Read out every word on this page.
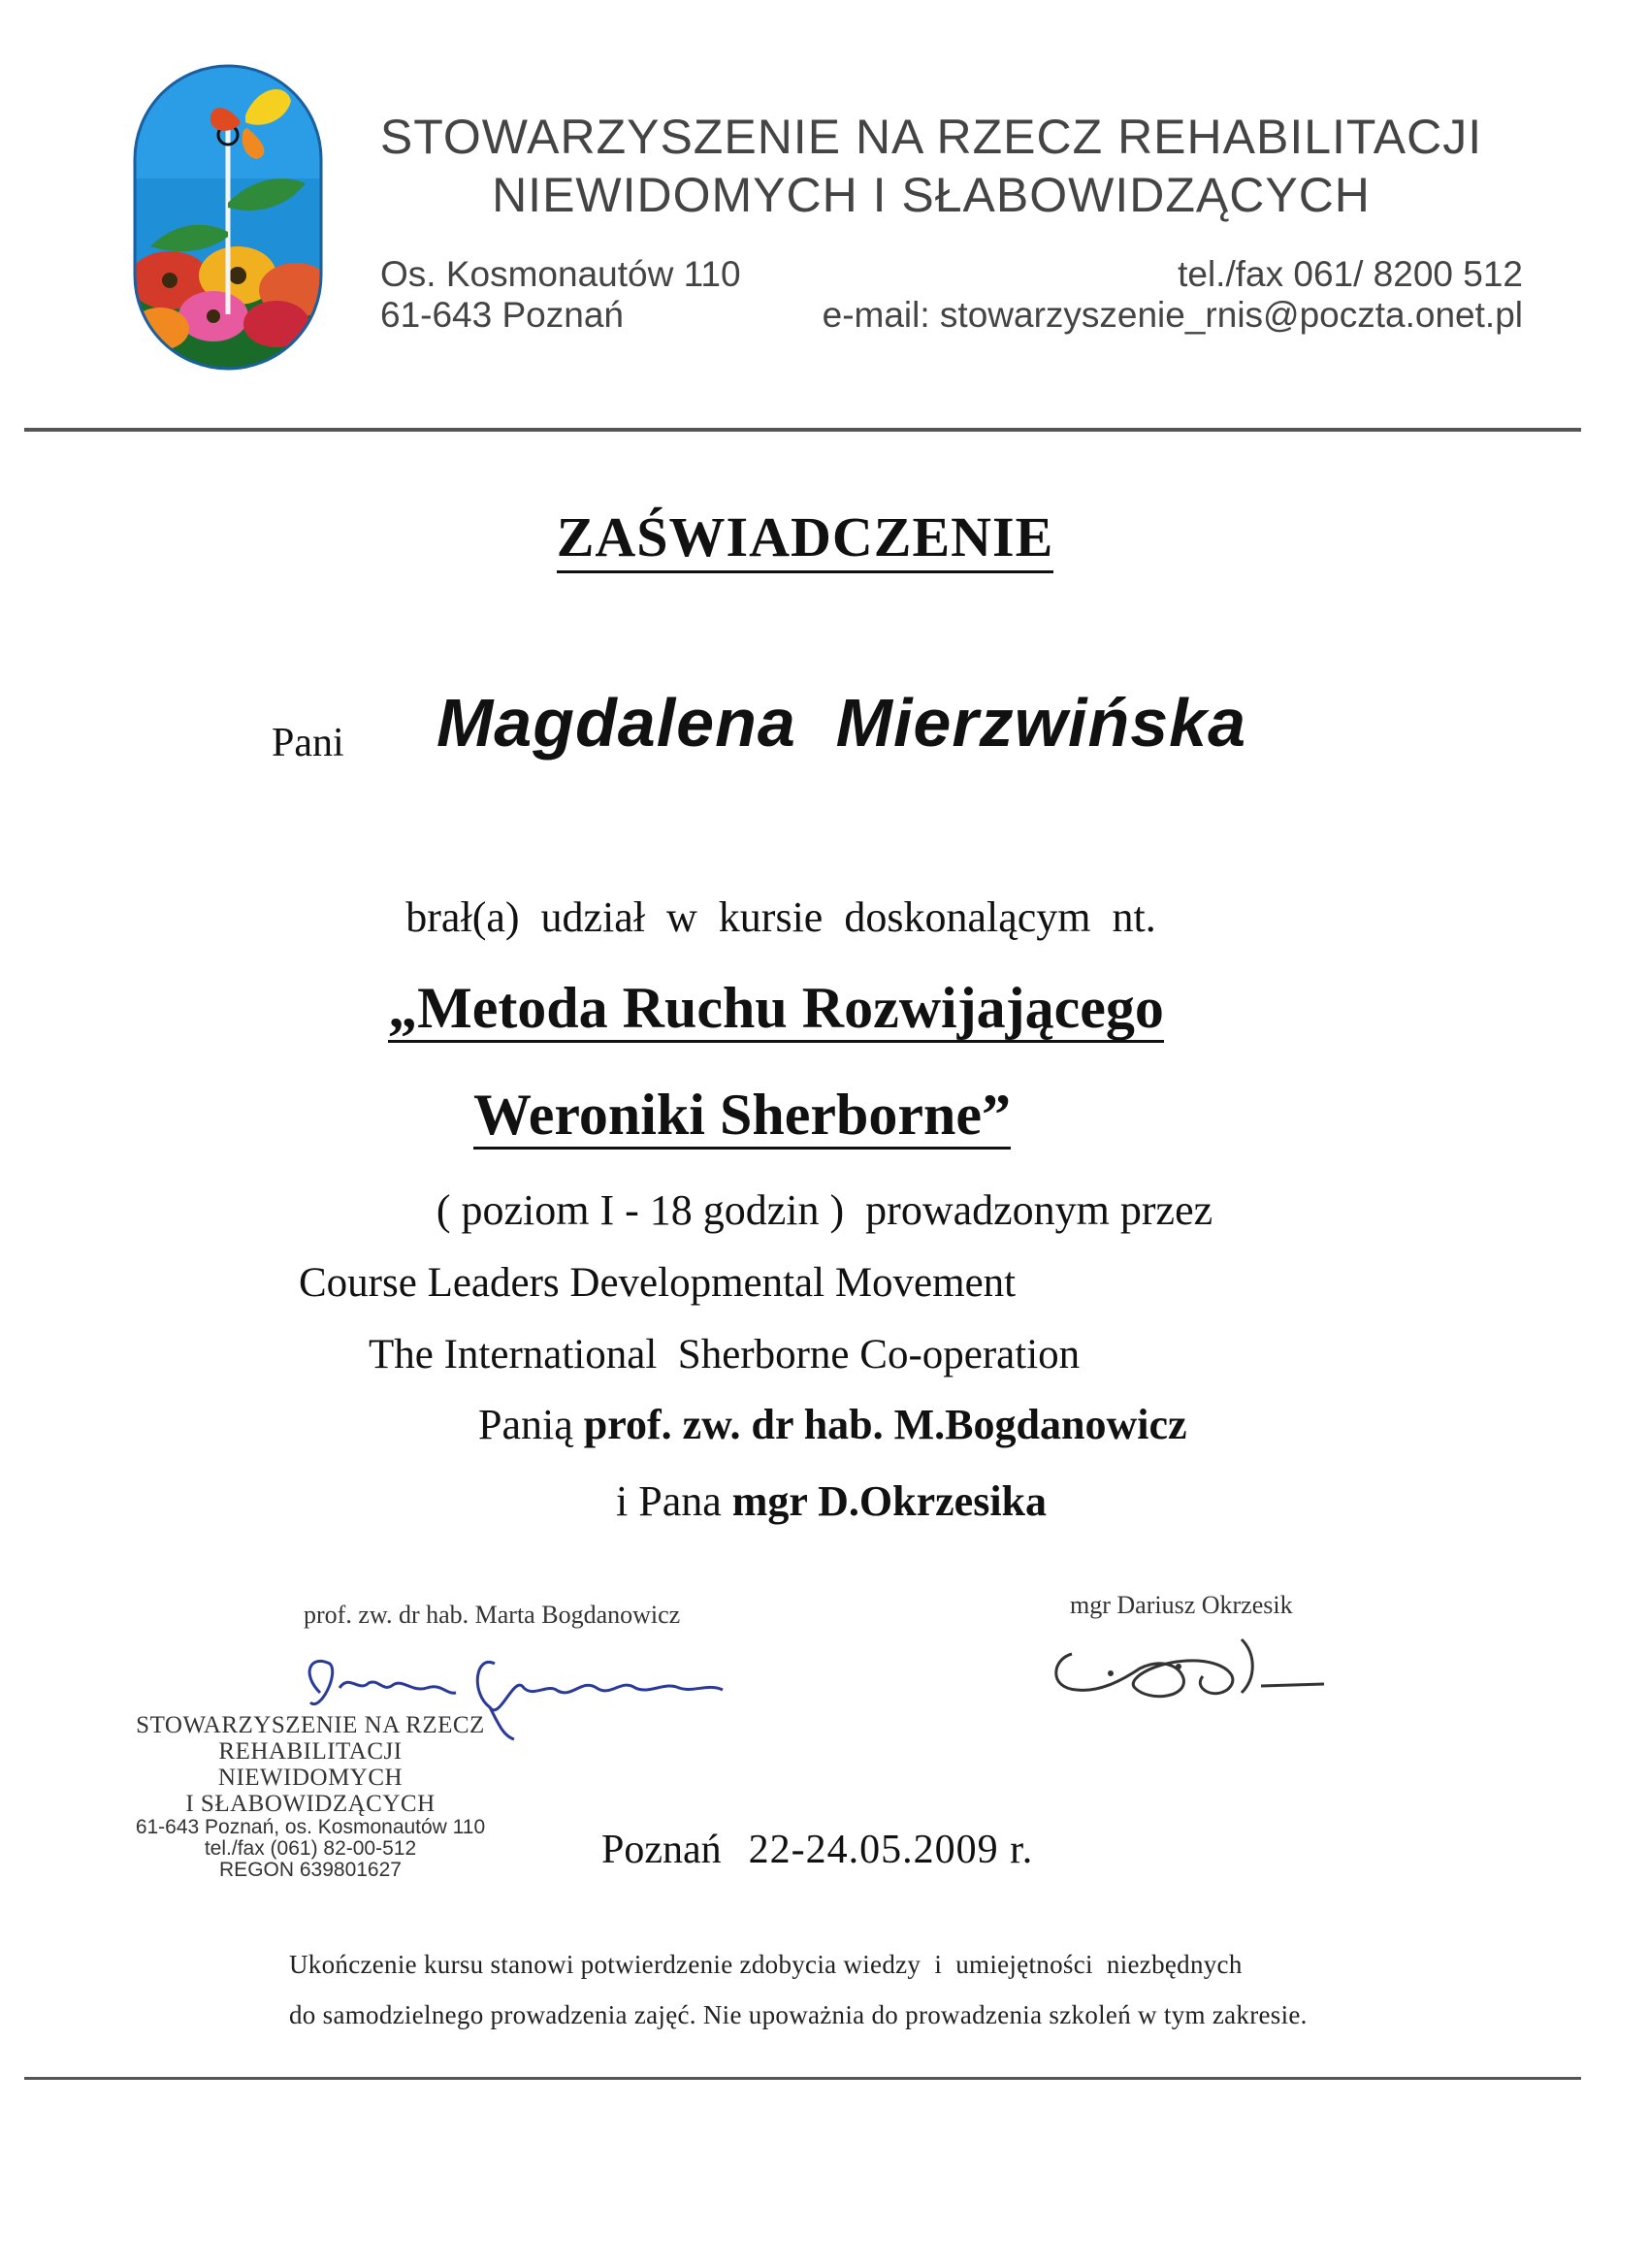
STOWARZYSZENIE NA RZECZ REHABILITACJI
NIEWIDOMYCH I SŁABOWIDZĄCYCH
Os. Kosmonautów 110
61-643 Poznań
tel./fax 061/ 8200 512
e-mail: stowarzyszenie_rnis@poczta.onet.pl
ZAŚWIADCZENIE
Pani Magdalena  Mierzwińska
brał(a)  udział  w  kursie  doskonalącym  nt.
„Metoda Ruchu Rozwijającego
Weroniki Sherborne”
( poziom I - 18 godzin )  prowadzonym przez
Course Leaders Developmental Movement
The International  Sherborne Co-operation
Panią prof. zw. dr hab. M.Bogdanowicz
i Pana mgr D.Okrzesika
prof. zw. dr hab. Marta Bogdanowicz
STOWARZYSZENIE NA RZECZ
REHABILITACJI NIEWIDOMYCH
I SŁABOWIDZĄCYCH
61-643 Poznań, os. Kosmonautów 110
tel./fax (061) 82-00-512
REGON 639801627
mgr Dariusz Okrzesik
Poznań 22-24.05.2009 r.
Ukończenie kursu stanowi potwierdzenie zdobycia wiedzy  i  umiejętności  niezbędnych
do samodzielnego prowadzenia zajęć. Nie upoważnia do prowadzenia szkoleń w tym zakresie.
